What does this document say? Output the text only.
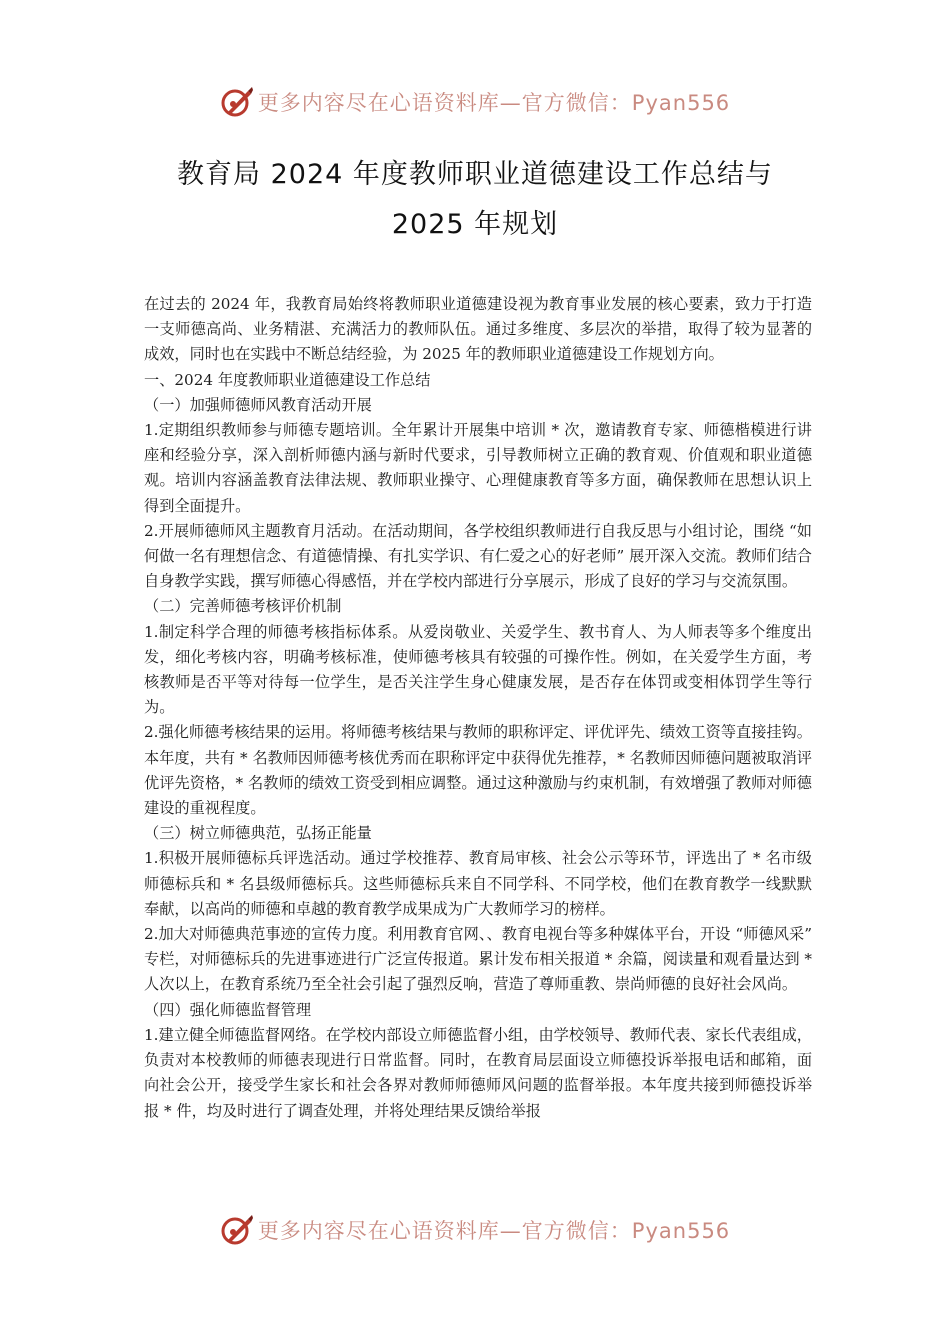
更多内容尽在心语资料库—官方微信：Pyan556
教育局 2024 年度教师职业道德建设工作总结与
2025 年规划

在过去的 2024 年，我教育局始终将教师职业道德建设视为教育事业发展的核心要素，致力于打造一支师德高尚、业务精湛、充满活力的教师队伍。通过多维度、多层次的举措，取得了较为显著的成效，同时也在实践中不断总结经验，为 2025 年的教师职业道德建设工作规划方向。

一、2024 年度教师职业道德建设工作总结

（一）加强师德师风教育活动开展

1.定期组织教师参与师德专题培训。全年累计开展集中培训 * 次，邀请教育专家、师德楷模进行讲座和经验分享，深入剖析师德内涵与新时代要求，引导教师树立正确的教育观、价值观和职业道德观。培训内容涵盖教育法律法规、教师职业操守、心理健康教育等多方面，确保教师在思想认识上得到全面提升。

2.开展师德师风主题教育月活动。在活动期间，各学校组织教师进行自我反思与小组讨论，围绕 “如何做一名有理想信念、有道德情操、有扎实学识、有仁爱之心的好老师” 展开深入交流。教师们结合自身教学实践，撰写师德心得感悟，并在学校内部进行分享展示，形成了良好的学习与交流氛围。

（二）完善师德考核评价机制

1.制定科学合理的师德考核指标体系。从爱岗敬业、关爱学生、教书育人、为人师表等多个维度出发，细化考核内容，明确考核标准，使师德考核具有较强的可操作性。例如，在关爱学生方面，考核教师是否平等对待每一位学生，是否关注学生身心健康发展，是否存在体罚或变相体罚学生等行为。

2.强化师德考核结果的运用。将师德考核结果与教师的职称评定、评优评先、绩效工资等直接挂钩。本年度，共有 * 名教师因师德考核优秀而在职称评定中获得优先推荐，* 名教师因师德问题被取消评优评先资格，* 名教师的绩效工资受到相应调整。通过这种激励与约束机制，有效增强了教师对师德建设的重视程度。

（三）树立师德典范，弘扬正能量

1.积极开展师德标兵评选活动。通过学校推荐、教育局审核、社会公示等环节，评选出了 * 名市级师德标兵和 * 名县级师德标兵。这些师德标兵来自不同学科、不同学校，他们在教育教学一线默默奉献，以高尚的师德和卓越的教育教学成果成为广大教师学习的榜样。

2.加大对师德典范事迹的宣传力度。利用教育官网、、教育电视台等多种媒体平台，开设 “师德风采” 专栏，对师德标兵的先进事迹进行广泛宣传报道。累计发布相关报道 * 余篇，阅读量和观看量达到 * 人次以上，在教育系统乃至全社会引起了强烈反响，营造了尊师重教、崇尚师德的良好社会风尚。

（四）强化师德监督管理

1.建立健全师德监督网络。在学校内部设立师德监督小组，由学校领导、教师代表、家长代表组成，负责对本校教师的师德表现进行日常监督。同时，在教育局层面设立师德投诉举报电话和邮箱，面向社会公开，接受学生家长和社会各界对教师师德师风问题的监督举报。本年度共接到师德投诉举报 * 件，均及时进行了调查处理，并将处理结果反馈给举报

更多内容尽在心语资料库—官方微信：Pyan556
